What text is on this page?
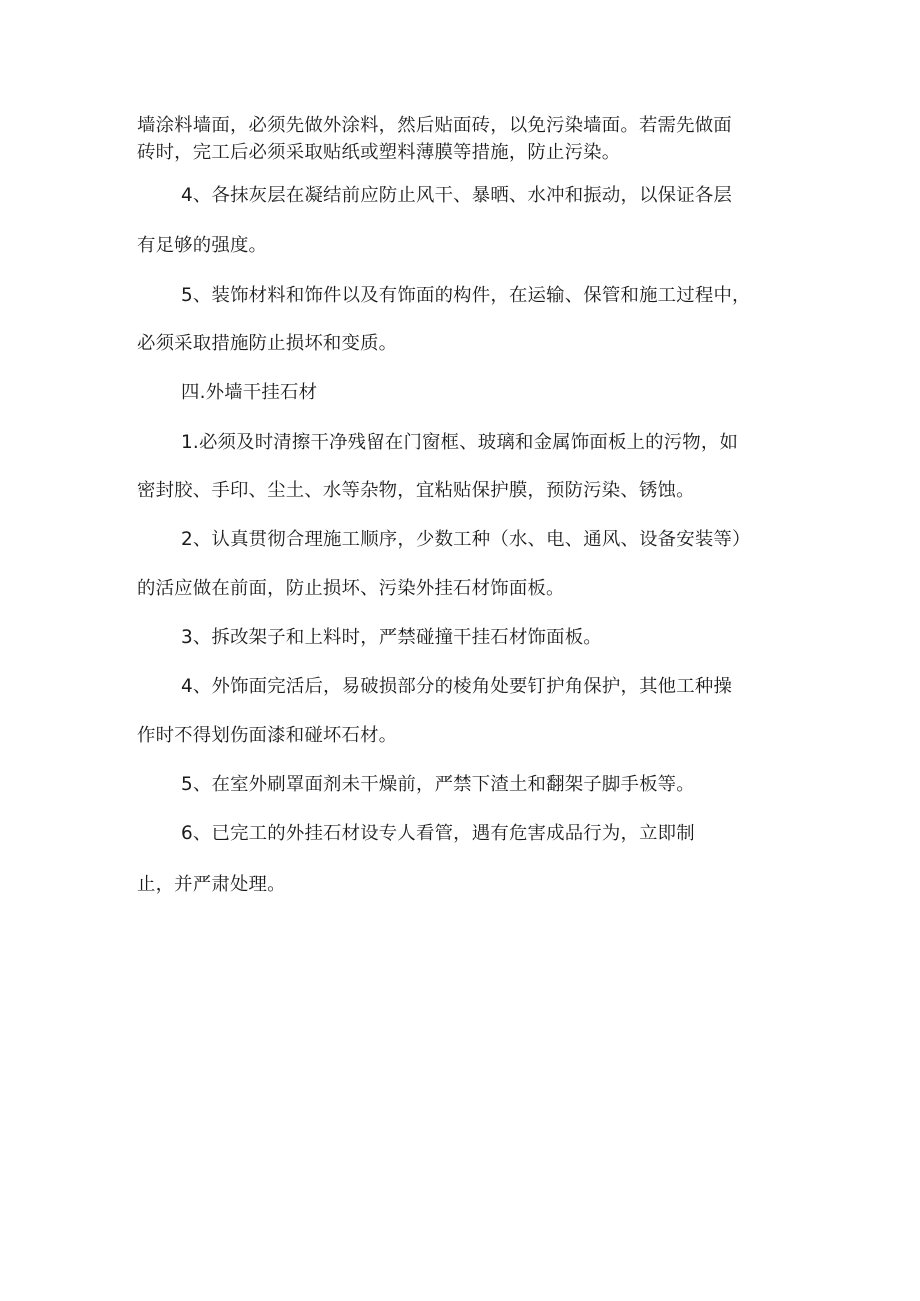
墙涂料墙面，必须先做外涂料，然后贴面砖，以免污染墙面。若需先做面
砖时，完工后必须采取贴纸或塑料薄膜等措施，防止污染。
4、各抹灰层在凝结前应防止风干、暴晒、水冲和振动，以保证各层
有足够的强度。
5、装饰材料和饰件以及有饰面的构件，在运输、保管和施工过程中，
必须采取措施防止损坏和变质。
四.外墙干挂石材
1.必须及时清擦干净残留在门窗框、玻璃和金属饰面板上的污物，如
密封胶、手印、尘土、水等杂物，宜粘贴保护膜，预防污染、锈蚀。
2、认真贯彻合理施工顺序，少数工种（水、电、通风、设备安装等）
的活应做在前面，防止损坏、污染外挂石材饰面板。
3、拆改架子和上料时，严禁碰撞干挂石材饰面板。
4、外饰面完活后，易破损部分的棱角处要钉护角保护，其他工种操
作时不得划伤面漆和碰坏石材。
5、在室外刷罩面剂未干燥前，严禁下渣土和翻架子脚手板等。
6、已完工的外挂石材设专人看管，遇有危害成品行为，立即制
止，并严肃处理。
